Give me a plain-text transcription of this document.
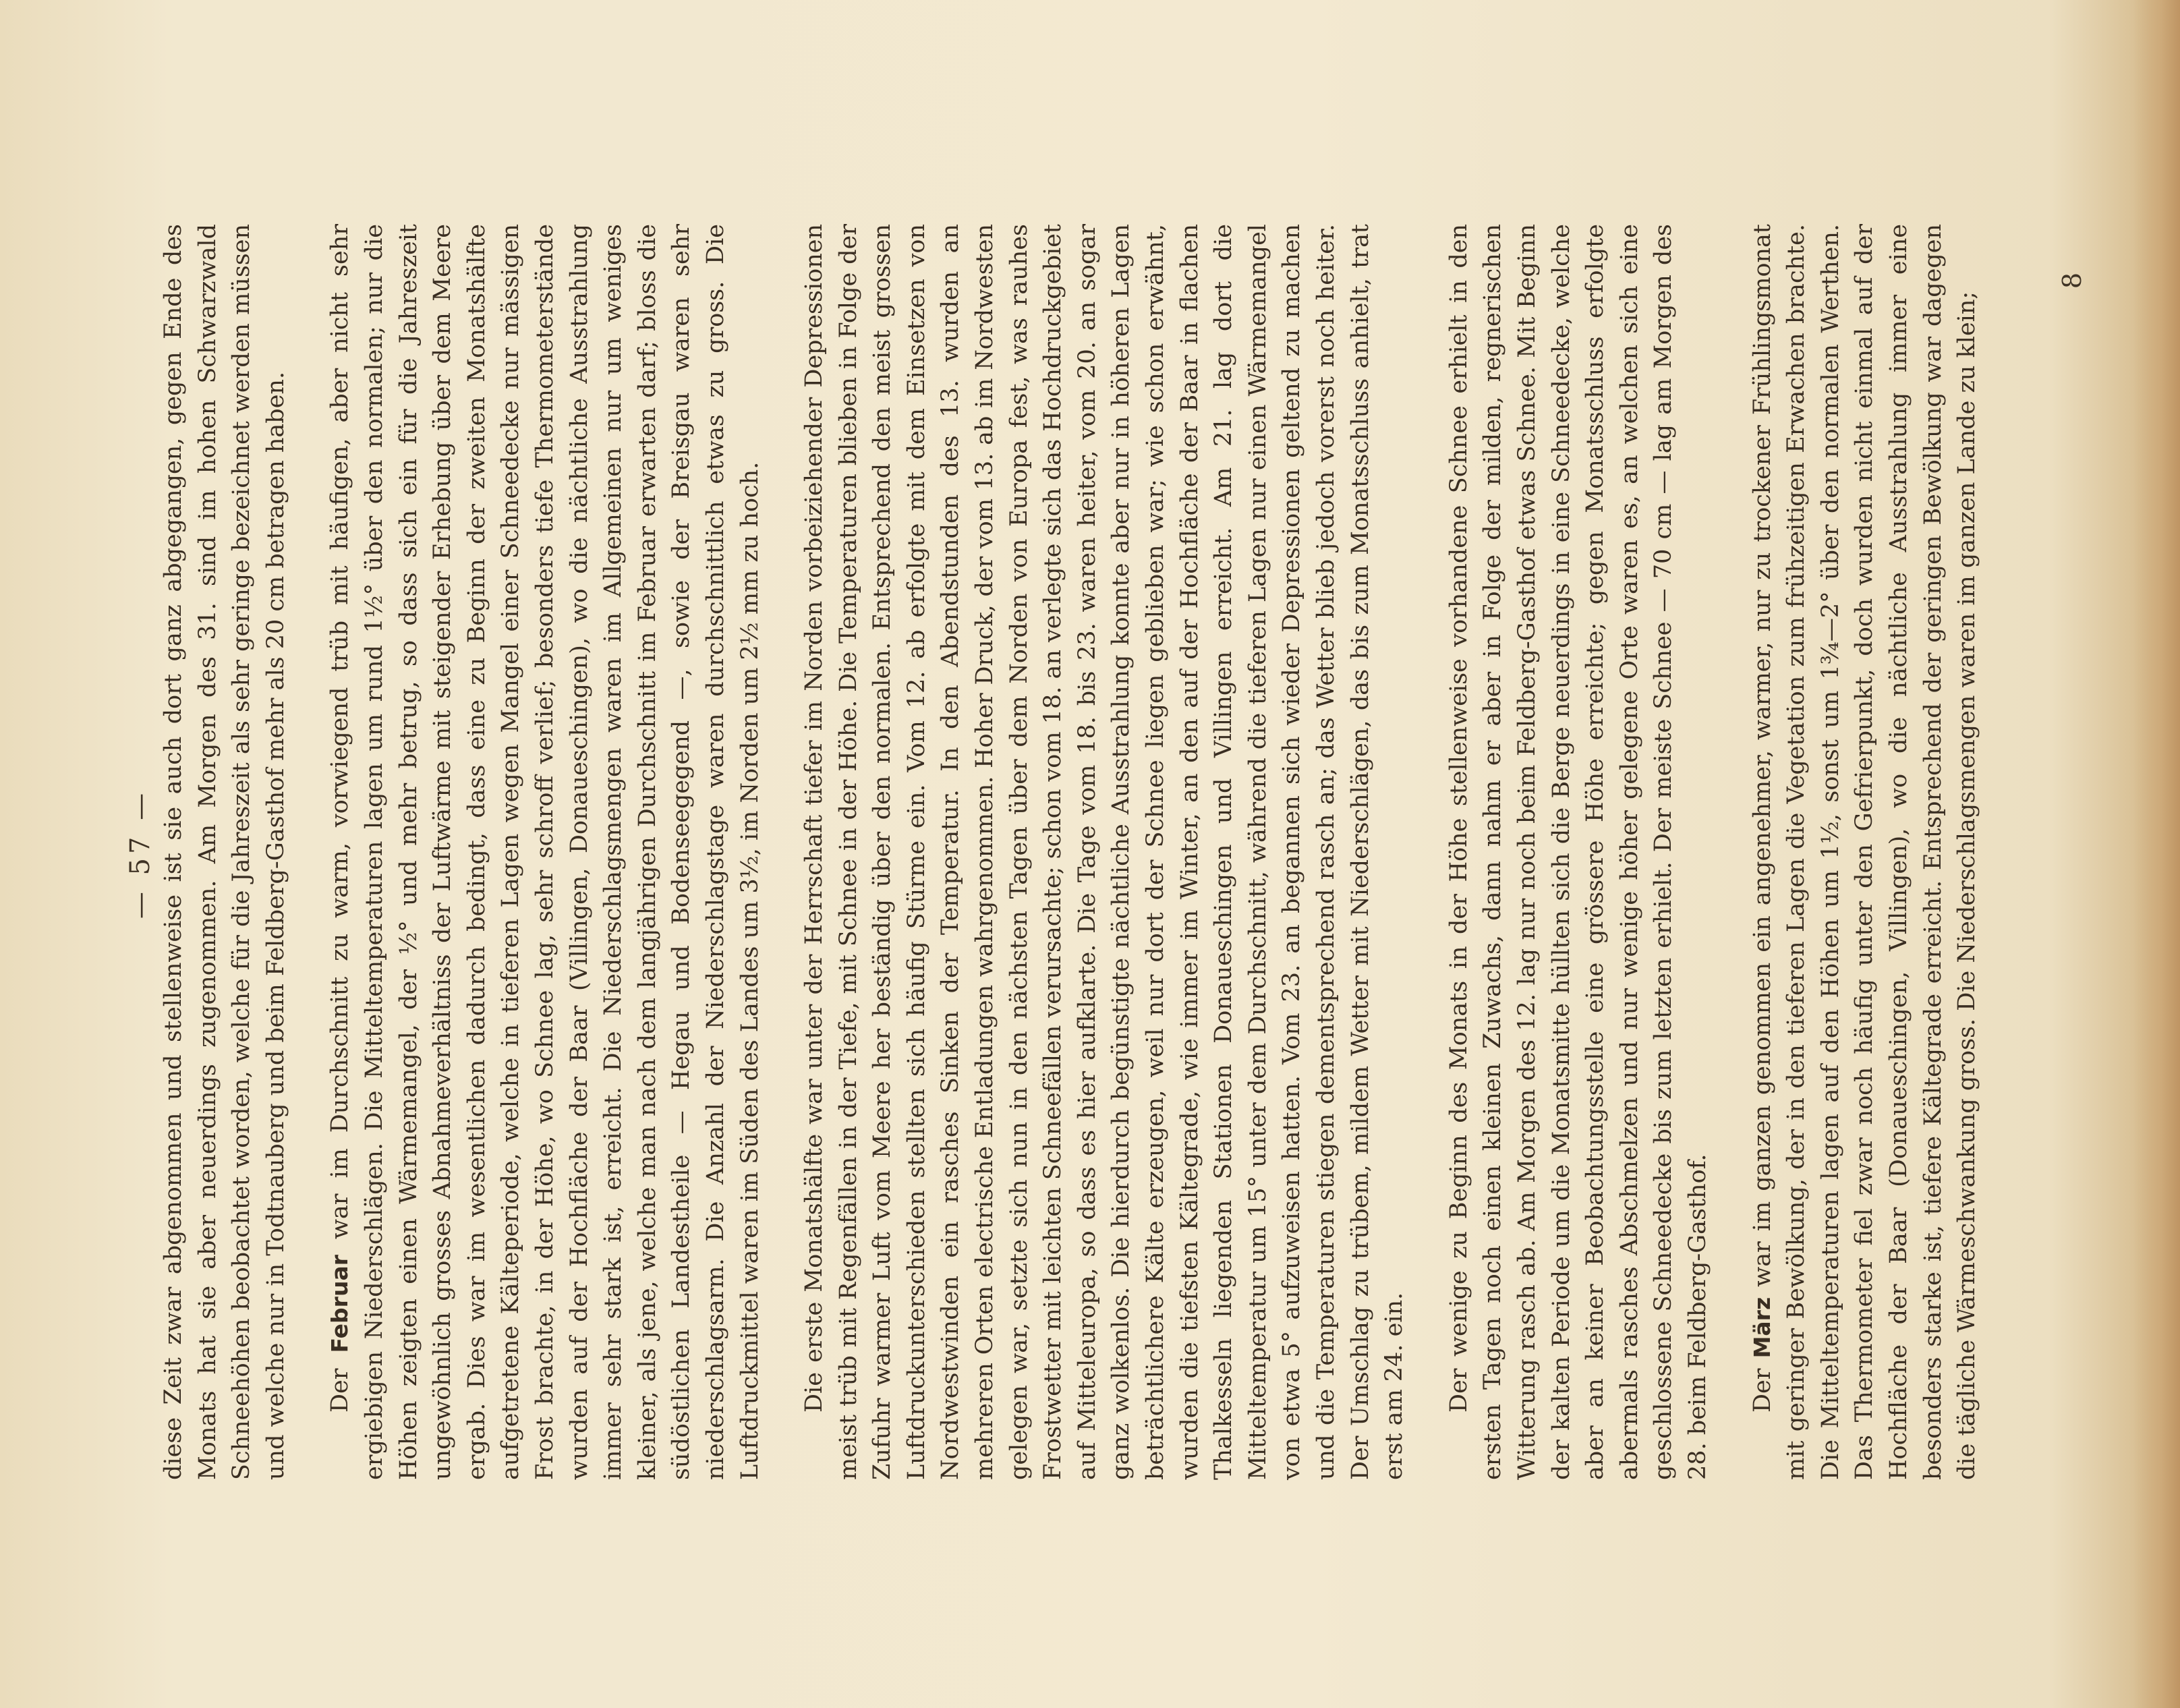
— 57 — diese Zeit zwar abgenommen und stellenweise ist sie auch dort ganz abgegangen, gegen Ende des Monats hat sie aber neuerdings zugenommen. Am Morgen des 31. sind im hohen Schwarzwald Schneehöhen beobachtet worden, welche für die Jahreszeit als sehr geringe bezeichnet werden müssen und welche nur in Todtnauberg und beim Feldberg-Gasthof mehr als 20 cm betragen haben. Der Februar war im Durchschnitt zu warm, vorwiegend trüb mit häufigen, aber nicht sehr ergiebigen Niederschlägen. Die Mitteltemperaturen lagen um rund 1½° über den normalen; nur die Höhen zeigten einen Wärmemangel, der ½° und mehr betrug, so dass sich ein für die Jahreszeit ungewöhnlich grosses Abnahmeverhältniss der Luftwärme mit steigender Erhebung über dem Meere ergab. Dies war im wesentlichen dadurch bedingt, dass eine zu Beginn der zweiten Monatshälfte aufgetretene Kälteperiode, welche in tieferen Lagen wegen Mangel einer Schneedecke nur mässigen Frost brachte, in der Höhe, wo Schnee lag, sehr schroff verlief; besonders tiefe Thermometerstände wurden auf der Hochfläche der Baar (Villingen, Donaueschingen), wo die nächtliche Ausstrahlung immer sehr stark ist, erreicht. Die Niederschlagsmengen waren im Allgemeinen nur um weniges kleiner, als jene, welche man nach dem langjährigen Durchschnitt im Februar erwarten darf; bloss die südöstlichen Landestheile — Hegau und Bodenseegegend —, sowie der Breisgau waren sehr niederschlagsarm. Die Anzahl der Niederschlagstage waren durchschnittlich etwas zu gross. Die Luftdruckmittel waren im Süden des Landes um 3½, im Norden um 2½ mm zu hoch. Die erste Monatshälfte war unter der Herrschaft tiefer im Norden vorbeiziehender Depressionen meist trüb mit Regenfällen in der Tiefe, mit Schnee in der Höhe. Die Temperaturen blieben in Folge der Zufuhr warmer Luft vom Meere her beständig über den normalen. Entsprechend den meist grossen Luftdruckunterschieden stellten sich häufig Stürme ein. Vom 12. ab erfolgte mit dem Einsetzen von Nordwestwinden ein rasches Sinken der Temperatur. In den Abendstunden des 13. wurden an mehreren Orten electrische Entladungen wahrgenommen. Hoher Druck, der vom 13. ab im Nordwesten gelegen war, setzte sich nun in den nächsten Tagen über dem Norden von Europa fest, was rauhes Frostwetter mit leichten Schneefällen verursachte; schon vom 18. an verlegte sich das Hochdruckgebiet auf Mitteleuropa, so dass es hier aufklarte. Die Tage vom 18. bis 23. waren heiter, vom 20. an sogar ganz wolkenlos. Die hierdurch begünstigte nächtliche Ausstrahlung konnte aber nur in höheren Lagen beträchtlichere Kälte erzeugen, weil nur dort der Schnee liegen geblieben war; wie schon erwähnt, wurden die tiefsten Kältegrade, wie immer im Winter, an den auf der Hochfläche der Baar in flachen Thalkesseln liegenden Stationen Donaueschingen und Villingen erreicht. Am 21. lag dort die Mitteltemperatur um 15° unter dem Durchschnitt, während die tieferen Lagen nur einen Wärmemangel von etwa 5° aufzuweisen hatten. Vom 23. an begannen sich wieder Depressionen geltend zu machen und die Temperaturen stiegen dementsprechend rasch an; das Wetter blieb jedoch vorerst noch heiter. Der Umschlag zu trübem, mildem Wetter mit Niederschlägen, das bis zum Monatsschluss anhielt, trat erst am 24. ein. Der wenige zu Beginn des Monats in der Höhe stellenweise vorhandene Schnee erhielt in den ersten Tagen noch einen kleinen Zuwachs, dann nahm er aber in Folge der milden, regnerischen Witterung rasch ab. Am Morgen des 12. lag nur noch beim Feldberg-Gasthof etwas Schnee. Mit Beginn der kalten Periode um die Monatsmitte hüllten sich die Berge neuerdings in eine Schneedecke, welche aber an keiner Beobachtungsstelle eine grössere Höhe erreichte; gegen Monatsschluss erfolgte abermals rasches Abschmelzen und nur wenige höher gelegene Orte waren es, an welchen sich eine geschlossene Schneedecke bis zum letzten erhielt. Der meiste Schnee — 70 cm — lag am Morgen des 28. beim Feldberg-Gasthof. Der März war im ganzen genommen ein angenehmer, warmer, nur zu trockener Frühlingsmonat mit geringer Bewölkung, der in den tieferen Lagen die Vegetation zum frühzeitigen Erwachen brachte. Die Mitteltemperaturen lagen auf den Höhen um 1½, sonst um 1¾—2° über den normalen Werthen. Das Thermometer fiel zwar noch häufig unter den Gefrierpunkt, doch wurden nicht einmal auf der Hochfläche der Baar (Donaueschingen, Villingen), wo die nächtliche Ausstrahlung immer eine besonders starke ist, tiefere Kältegrade erreicht. Entsprechend der geringen Bewölkung war dagegen die tägliche Wärmeschwankung gross. Die Niederschlagsmengen waren im ganzen Lande zu klein;

8
